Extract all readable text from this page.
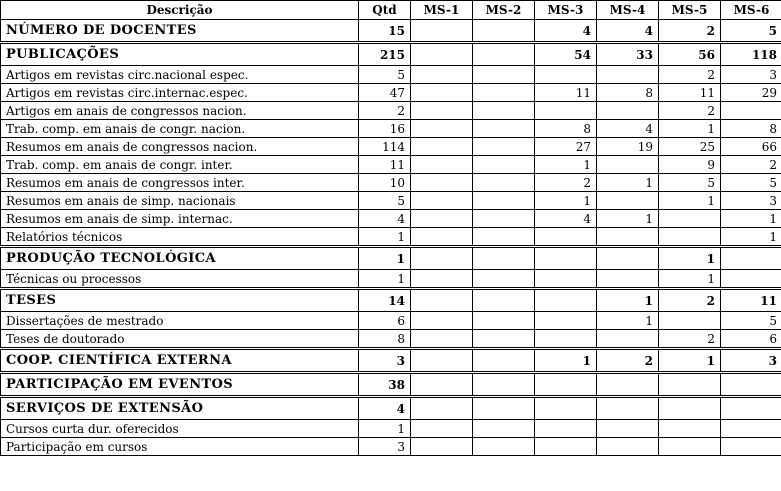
Descrição	Qtd	MS-1	MS-2	MS-3	MS-4	MS-5	MS-6
NÚMERO DE DOCENTES	15			4	4	2	5
PUBLICAÇÕES	215			54	33	56	118
Artigos em revistas circ.nacional espec.	5					2	3
Artigos em revistas circ.internac.espec.	47			11	8	11	29
Artigos em anais de congressos nacion.	2					2	
Trab. comp. em anais de congr. nacion.	16			8	4	1	8
Resumos em anais de congressos nacion.	114			27	19	25	66
Trab. comp. em anais de congr. inter.	11			1		9	2
Resumos em anais de congressos inter.	10			2	1	5	5
Resumos em anais de simp. nacionais	5			1		1	3
Resumos em anais de simp. internac.	4			4	1		1
Relatórios técnicos	1						1
PRODUÇÃO TECNOLÓGICA	1					1	
Técnicas ou processos	1					1	
TESES	14				1	2	11
Dissertações de mestrado	6				1		5
Teses de doutorado	8					2	6
COOP. CIENTÍFICA EXTERNA	3			1	2	1	3
PARTICIPAÇÃO EM EVENTOS	38						
SERVIÇOS DE EXTENSÃO	4						
Cursos curta dur. oferecidos	1						
Participação em cursos	3						
